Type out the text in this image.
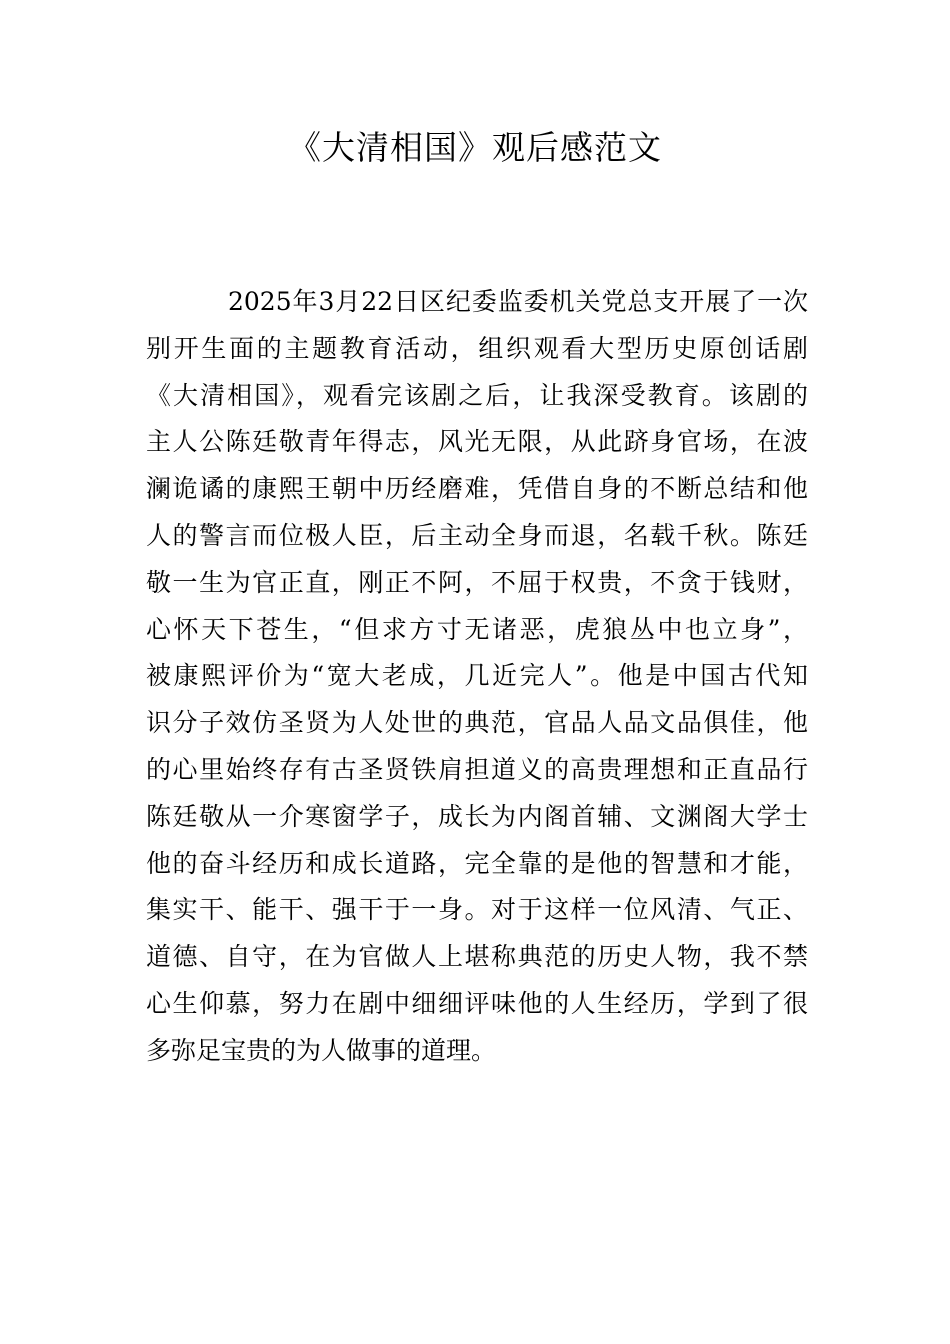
《大清相国》观后感范文
2025年3月22日区纪委监委机关党总支开展了一次
别开生面的主题教育活动，组织观看大型历史原创话剧
《大清相国》，观看完该剧之后，让我深受教育。该剧的
主人公陈廷敬青年得志，风光无限，从此跻身官场，在波
澜诡谲的康熙王朝中历经磨难，凭借自身的不断总结和他
人的警言而位极人臣，后主动全身而退，名载千秋。陈廷
敬一生为官正直，刚正不阿，不屈于权贵，不贪于钱财，
心怀天下苍生，“但求方寸无诸恶，虎狼丛中也立身”，
被康熙评价为“宽大老成，几近完人”。他是中国古代知
识分子效仿圣贤为人处世的典范，官品人品文品俱佳，他
的心里始终存有古圣贤铁肩担道义的高贵理想和正直品行
陈廷敬从一介寒窗学子，成长为内阁首辅、文渊阁大学士
他的奋斗经历和成长道路，完全靠的是他的智慧和才能，
集实干、能干、强干于一身。对于这样一位风清、气正、
道德、自守，在为官做人上堪称典范的历史人物，我不禁
心生仰慕，努力在剧中细细评味他的人生经历，学到了很
多弥足宝贵的为人做事的道理。
